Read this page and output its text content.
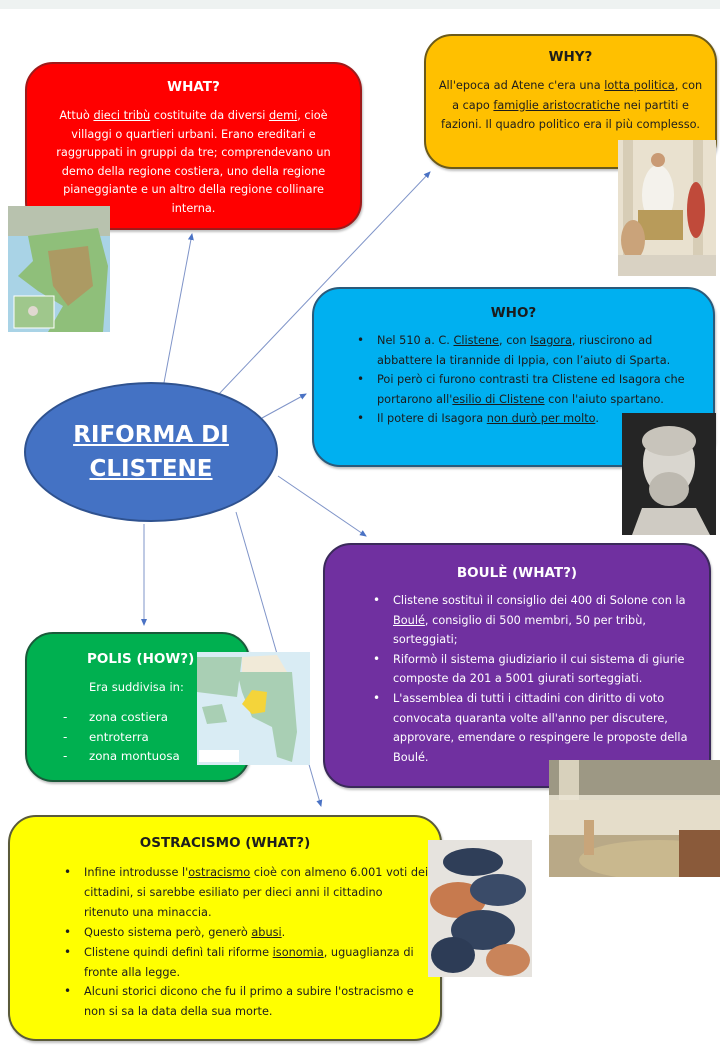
WHAT?

Attuò dieci tribù costituite da diversi demi, cioè villaggi o quartieri urbani. Erano ereditari e raggruppati in gruppi da tre; comprendevano un demo della regione costiera, uno della regione pianeggiante e un altro della regione collinare interna.

WHY?

All'epoca ad Atene c'era una lotta politica, con a capo famiglie aristocratiche nei partiti e fazioni. Il quadro politico era il più complesso.

WHO?
• Nel 510 a. C. Clistene, con Isagora, riuscirono ad abbattere la tirannide di Ippia, con l’aiuto di Sparta.
• Poi però ci furono contrasti tra Clistene ed Isagora che portarono all'esilio di Clistene con l'aiuto spartano.
• Il potere di Isagora non durò per molto.
BOULÈ (WHAT?)
• Clistene sostituì il consiglio dei 400 di Solone con la Boulé, consiglio di 500 membri, 50 per tribù, sorteggiati;
• Riformò il sistema giudiziario il cui sistema di giurie composte da 201 a 5001 giurati sorteggiati.
• L'assemblea di tutti i cittadini con diritto di voto convocata quaranta volte all'anno per discutere, approvare, emendare o respingere le proposte della Boulé.
POLIS (HOW?)
Era suddivisa in:
- zona costiera
- entroterra
- zona montuosa
OSTRACISMO (WHAT?)
• Infine introdusse l'ostracismo cioè con almeno 6.001 voti dei cittadini, si sarebbe esiliato per dieci anni il cittadino ritenuto una minaccia.
• Questo sistema però, generò abusi.
• Clistene quindi definì tali riforme isonomia, uguaglianza di fronte alla legge.
• Alcuni storici dicono che fu il primo a subire l'ostracismo e non si sa la data della sua morte.
RIFORMA DI
CLISTENE
